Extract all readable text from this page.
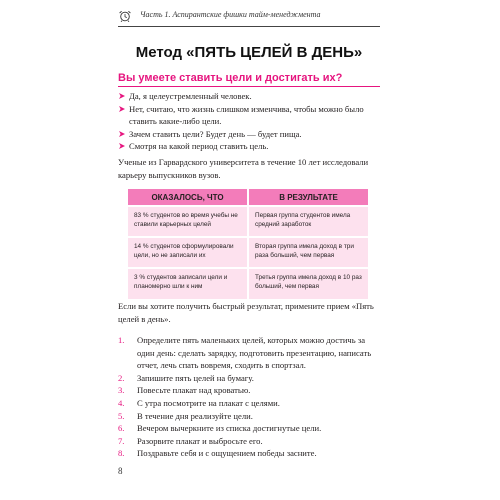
Часть 1. Аспирантские фишки тайм-менеджмента
Метод «ПЯТЬ ЦЕЛЕЙ В ДЕНЬ»
Вы умеете ставить цели и достигать их?
Да, я целеустремленный человек.
Нет, считаю, что жизнь слишком изменчива, чтобы можно было ставить какие-либо цели.
Зачем ставить цели? Будет день — будет пища.
Смотря на какой период ставить цель.

Ученые из Гарвардского университета в течение 10 лет исследовали карьеру выпускников вузов.

ОКАЗАЛОСЬ, ЧТО	В РЕЗУЛЬТАТЕ
83 % студентов во время учебы не ставили карьерных целей	Первая группа студентов имела средний заработок
14 % студентов сформулировали цели, но не записали их	Вторая группа имела доход в три раза больший, чем первая
3 % студентов записали цели и планомерно шли к ним	Третья группа имела доход в 10 раз больший, чем первая

Если вы хотите получить быстрый результат, примените прием «Пять целей в день».

1.	Определите пять маленьких целей, которых можно достичь за один день: сделать зарядку, подготовить презентацию, написать отчет, лечь спать вовремя, сходить в спортзал.
2.	Запишите пять целей на бумагу.
3.	Повесьте плакат над кроватью.
4.	С утра посмотрите на плакат с целями.
5.	В течение дня реализуйте цели.
6.	Вечером вычеркните из списка достигнутые цели.
7.	Разорвите плакат и выбросьте его.
8.	Поздравьте себя и с ощущением победы засните.
8
